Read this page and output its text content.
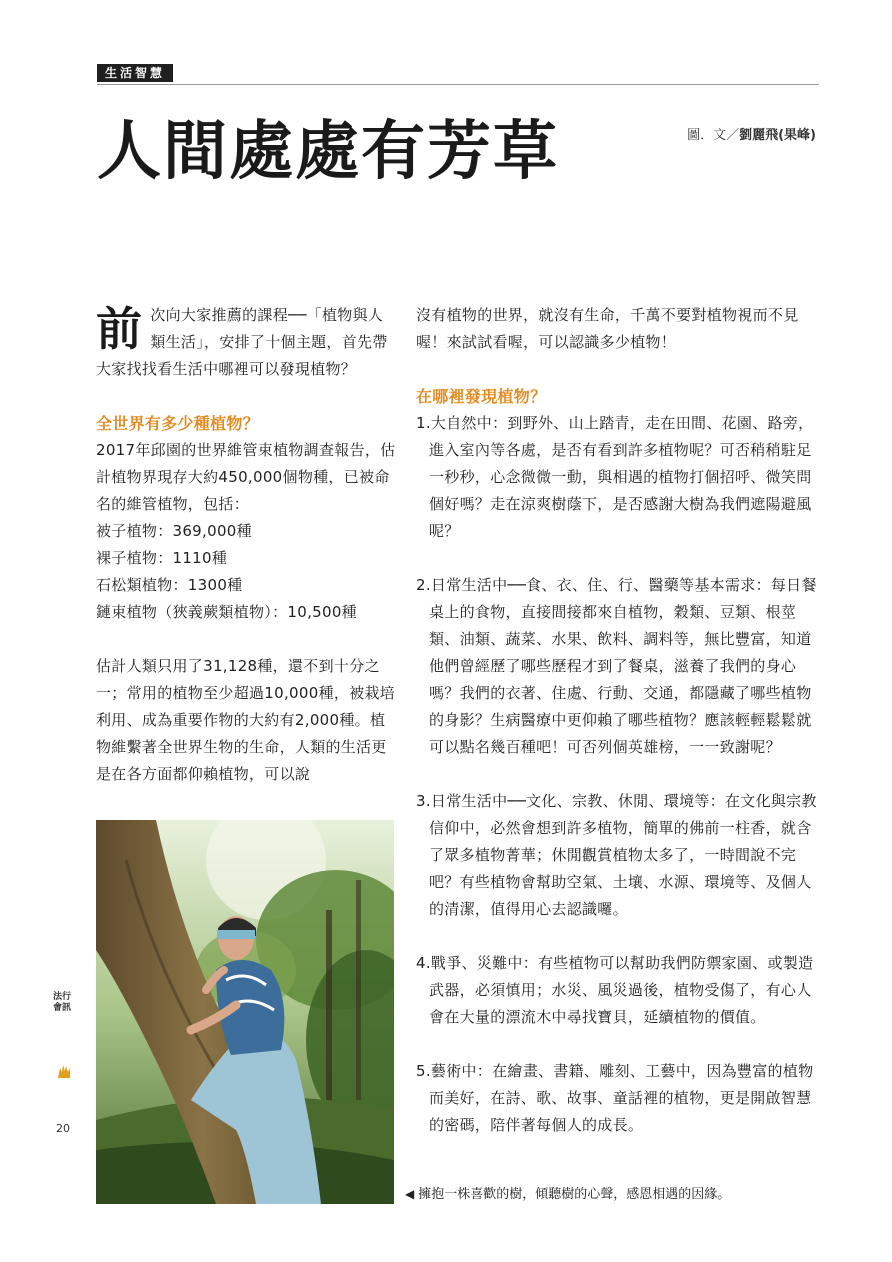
生活智慧
人間處處有芳草	圖．文／劉麗飛(果峰)

前次向大家推薦的課程──「植物與人類生活」，安排了十個主題，首先帶大家找找看生活中哪裡可以發現植物？

全世界有多少種植物？

2017年邱園的世界維管束植物調查報告，估計植物界現存大約450,000個物種，已被命名的維管植物，包括：

被子植物：369,000種

裸子植物：1110種

石松類植物：1300種

鏈束植物（狹義蕨類植物）：10,500種

估計人類只用了31,128種，還不到十分之一；常用的植物至少超過10,000種，被栽培利用、成為重要作物的大約有2,000種。植物維繫著全世界生物的生命，人類的生活更是在各方面都仰賴植物，可以說

沒有植物的世界，就沒有生命，千萬不要對植物視而不見喔！來試試看喔，可以認識多少植物！

在哪裡發現植物？

1.大自然中：到野外、山上踏青，走在田間、花園、路旁，進入室內等各處，是否有看到許多植物呢？可否稍稍駐足一秒秒，心念微微一動，與相遇的植物打個招呼、微笑問個好嗎？走在涼爽樹蔭下，是否感謝大樹為我們遮陽避風呢？

2.日常生活中──食、衣、住、行、醫藥等基本需求：每日餐桌上的食物，直接間接都來自植物，穀類、豆類、根莖類、油類、蔬菜、水果、飲料、調料等，無比豐富，知道他們曾經歷了哪些歷程才到了餐桌，滋養了我們的身心嗎？我們的衣著、住處、行動、交通，都隱藏了哪些植物的身影？生病醫療中更仰賴了哪些植物？應該輕輕鬆鬆就可以點名幾百種吧！可否列個英雄榜，一一致謝呢？

3.日常生活中──文化、宗教、休閒、環境等：在文化與宗教信仰中，必然會想到許多植物，簡單的佛前一柱香，就含了眾多植物菁華；休閒觀賞植物太多了，一時間說不完吧？有些植物會幫助空氣、土壤、水源、環境等、及個人的清潔，值得用心去認識囉。

4.戰爭、災難中：有些植物可以幫助我們防禦家園、或製造武器，必須慎用；水災、風災過後，植物受傷了，有心人會在大量的漂流木中尋找寶貝，延續植物的價值。

5.藝術中：在繪畫、書籍、雕刻、工藝中，因為豐富的植物而美好，在詩、歌、故事、童話裡的植物，更是開啟智慧的密碼，陪伴著每個人的成長。

◀ 擁抱一株喜歡的樹，傾聽樹的心聲，感恩相遇的因緣。
法行會訊
20
